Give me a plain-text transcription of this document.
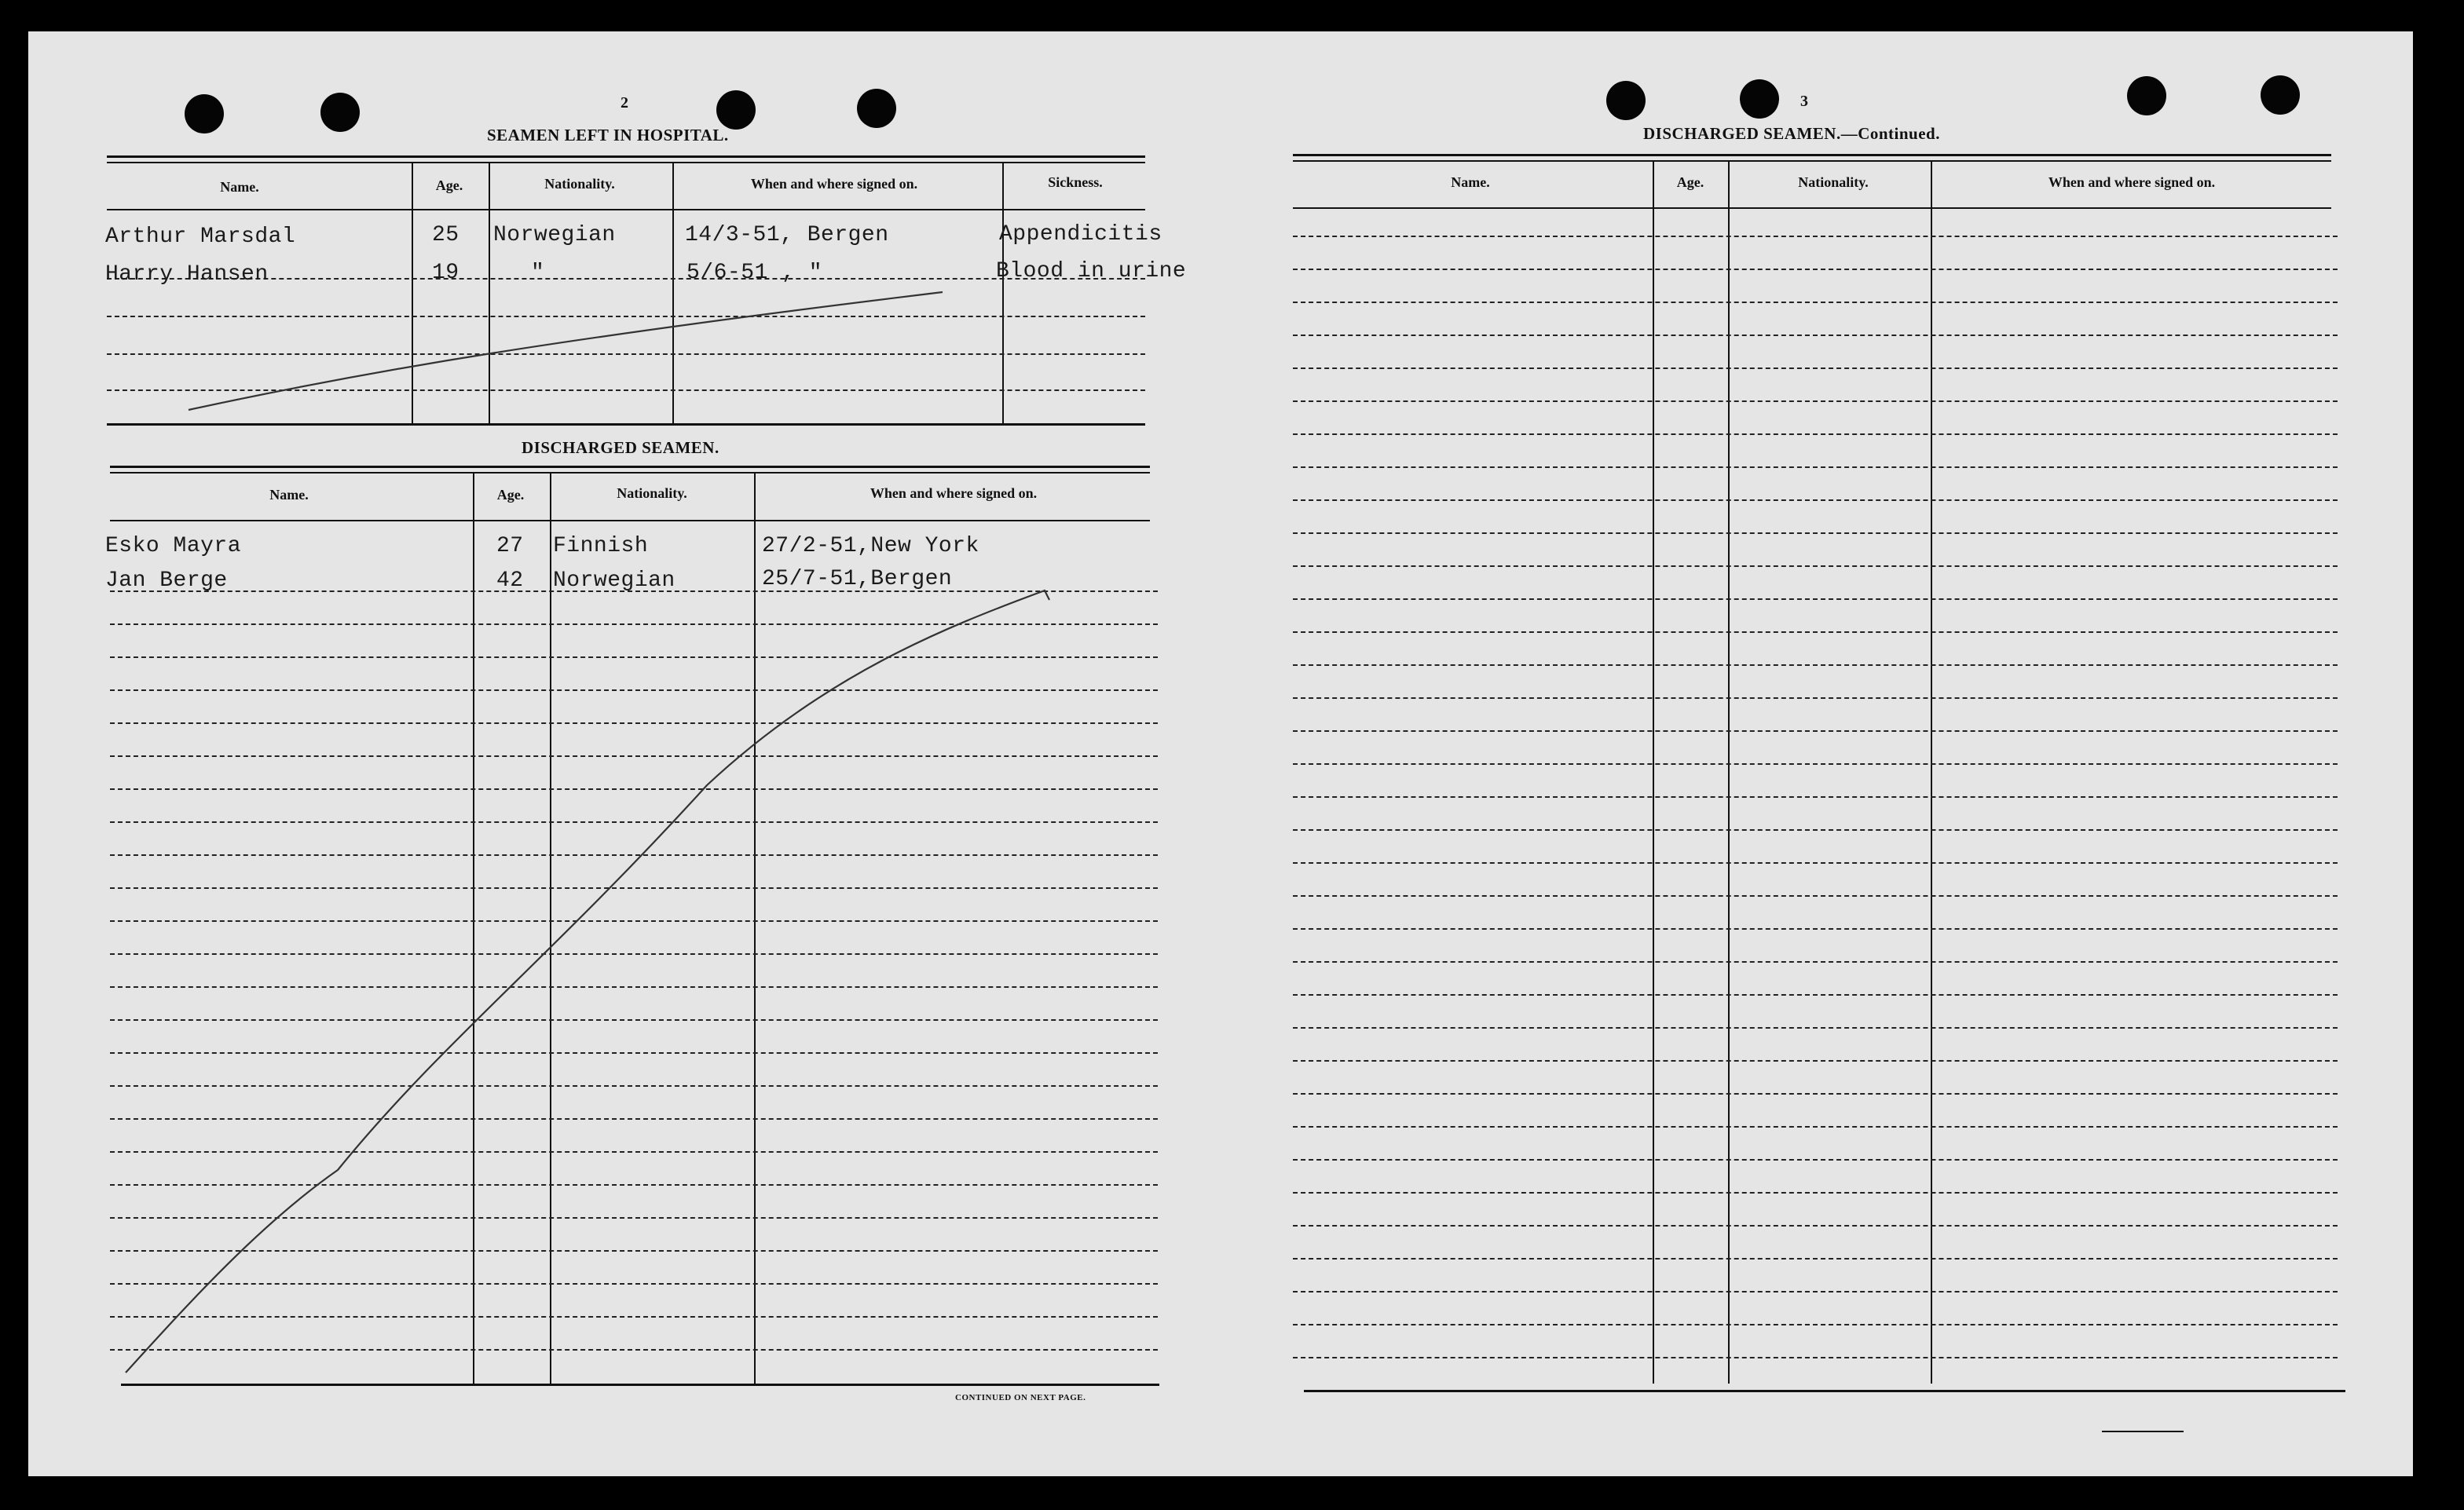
2
SEAMEN LEFT IN HOSPITAL.
Name.	Age.	Nationality.	When and where signed on.	Sickness.
Arthur Marsdal	25 Norwegian	14/3-51, Bergen	Appendicitis
Harry Hansen	19	"	5/6-51 , "	Blood in urine
DISCHARGED SEAMEN.
Name.	Age.	Nationality.	When and where signed on.
Esko Mayra	27 Finnish	27/2-51,New York
Jan Berge	42 Norwegian	25/7-51,Bergen
CONTINUED ON NEXT PAGE.
3
DISCHARGED SEAMEN.—Continued.
Name.	Age.	Nationality.	When and where signed on.
